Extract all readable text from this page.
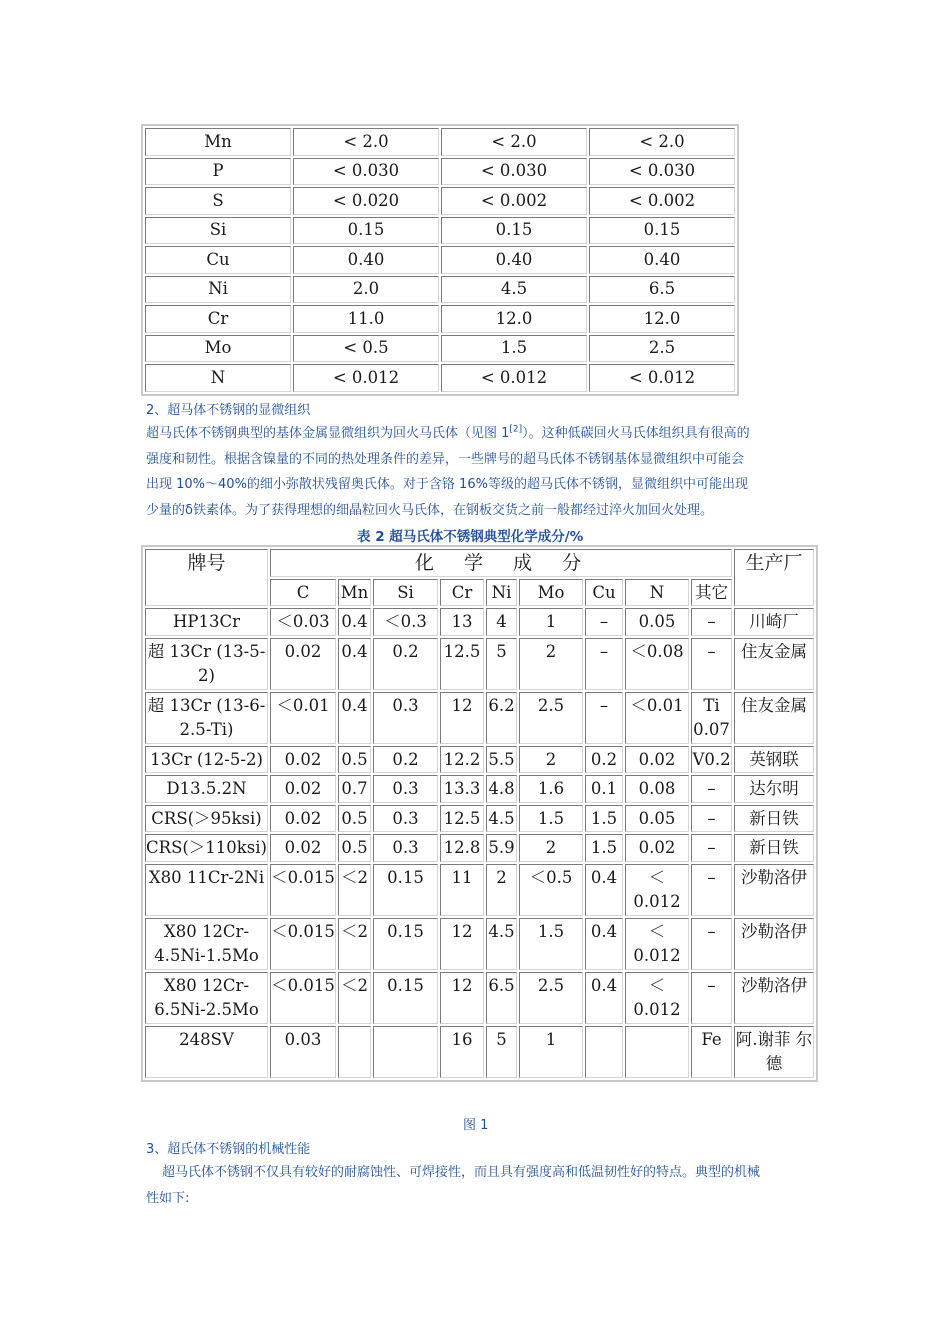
Mn	< 2.0	< 2.0	< 2.0
P	< 0.030	< 0.030	< 0.030
S	< 0.020	< 0.002	< 0.002
Si	0.15	0.15	0.15
Cu	0.40	0.40	0.40
Ni	2.0	4.5	6.5
Cr	11.0	12.0	12.0
Mo	< 0.5	1.5	2.5
N	< 0.012	< 0.012	< 0.012
2、超马体不锈钢的显微组织
超马氏体不锈钢典型的基体金属显微组织为回火马氏体（见图 1[2]）。这种低碳回火马氏体组织具有很高的
强度和韧性。根据含镍量的不同的热处理条件的差异，一些牌号的超马氏体不锈钢基体显微组织中可能会
出现 10%～40%的细小弥散状残留奥氏体。对于含铬 16%等级的超马氏体不锈钢，显微组织中可能出现
少量的δ铁素体。为了获得理想的细晶粒回火马氏体，在钢板交货之前一般都经过淬火加回火处理。
表 2 超马氏体不锈钢典型化学成分/%
牌号	化  学  成  分									生产厂
	C	Mn	Si	Cr	Ni	Mo	Cu	N	其它	
HP13Cr	＜0.03	0.4	＜0.3	13	4	1	–	0.05	–	川崎厂
超 13Cr (13-5-2)	0.02	0.4	0.2	12.5	5	2	–	＜0.08	–	住友金属
超 13Cr (13-6-2.5-Ti)	＜0.01	0.4	0.3	12	6.2	2.5	–	＜0.01	Ti 0.07	住友金属
13Cr (12-5-2)	0.02	0.5	0.2	12.2	5.5	2	0.2	0.02	V0.2	英钢联
D13.5.2N	0.02	0.7	0.3	13.3	4.8	1.6	0.1	0.08	–	达尔明
CRS(＞95ksi)	0.02	0.5	0.3	12.5	4.5	1.5	1.5	0.05	–	新日铁
CRS(＞110ksi)	0.02	0.5	0.3	12.8	5.9	2	1.5	0.02	–	新日铁
X80 11Cr-2Ni	＜0.015	＜2	0.15	11	2	＜0.5	0.4	＜ 0.012	–	沙勒洛伊
X80 12Cr- 4.5Ni-1.5Mo	＜0.015	＜2	0.15	12	4.5	1.5	0.4	＜ 0.012	–	沙勒洛伊
X80 12Cr- 6.5Ni-2.5Mo	＜0.015	＜2	0.15	12	6.5	2.5	0.4	＜ 0.012	–	沙勒洛伊
248SV	0.03			16	5	1			Fe	阿.谢菲 尔德
图 1
3、超氏体不锈钢的机械性能
超马氏体不锈钢不仅具有较好的耐腐蚀性、可焊接性，而且具有强度高和低温韧性好的特点。典型的机械
性如下:
